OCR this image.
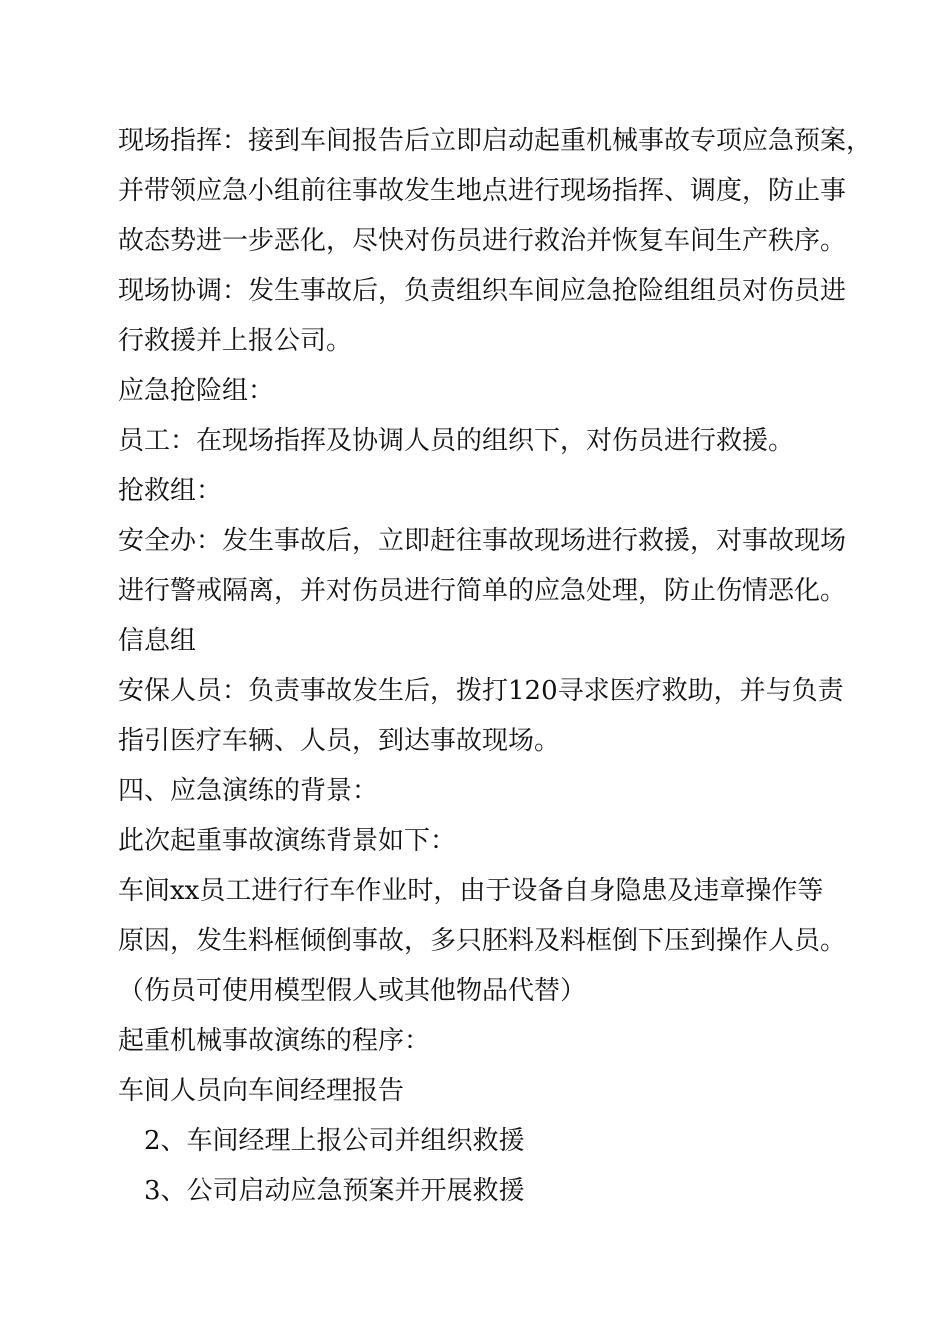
现场指挥：接到车间报告后立即启动起重机械事故专项应急预案，
并带领应急小组前往事故发生地点进行现场指挥、调度，防止事
故态势进一步恶化，尽快对伤员进行救治并恢复车间生产秩序。
现场协调：发生事故后，负责组织车间应急抢险组组员对伤员进
行救援并上报公司。
应急抢险组：
员工：在现场指挥及协调人员的组织下，对伤员进行救援。
抢救组：
安全办：发生事故后，立即赶往事故现场进行救援，对事故现场
进行警戒隔离，并对伤员进行简单的应急处理，防止伤情恶化。
信息组
安保人员：负责事故发生后，拨打120寻求医疗救助，并与负责
指引医疗车辆、人员，到达事故现场。
四、应急演练的背景：
此次起重事故演练背景如下：
车间xx员工进行行车作业时，由于设备自身隐患及违章操作等
原因，发生料框倾倒事故，多只胚料及料框倒下压到操作人员。
（伤员可使用模型假人或其他物品代替）
起重机械事故演练的程序：
车间人员向车间经理报告
2、车间经理上报公司并组织救援
3、公司启动应急预案并开展救援
